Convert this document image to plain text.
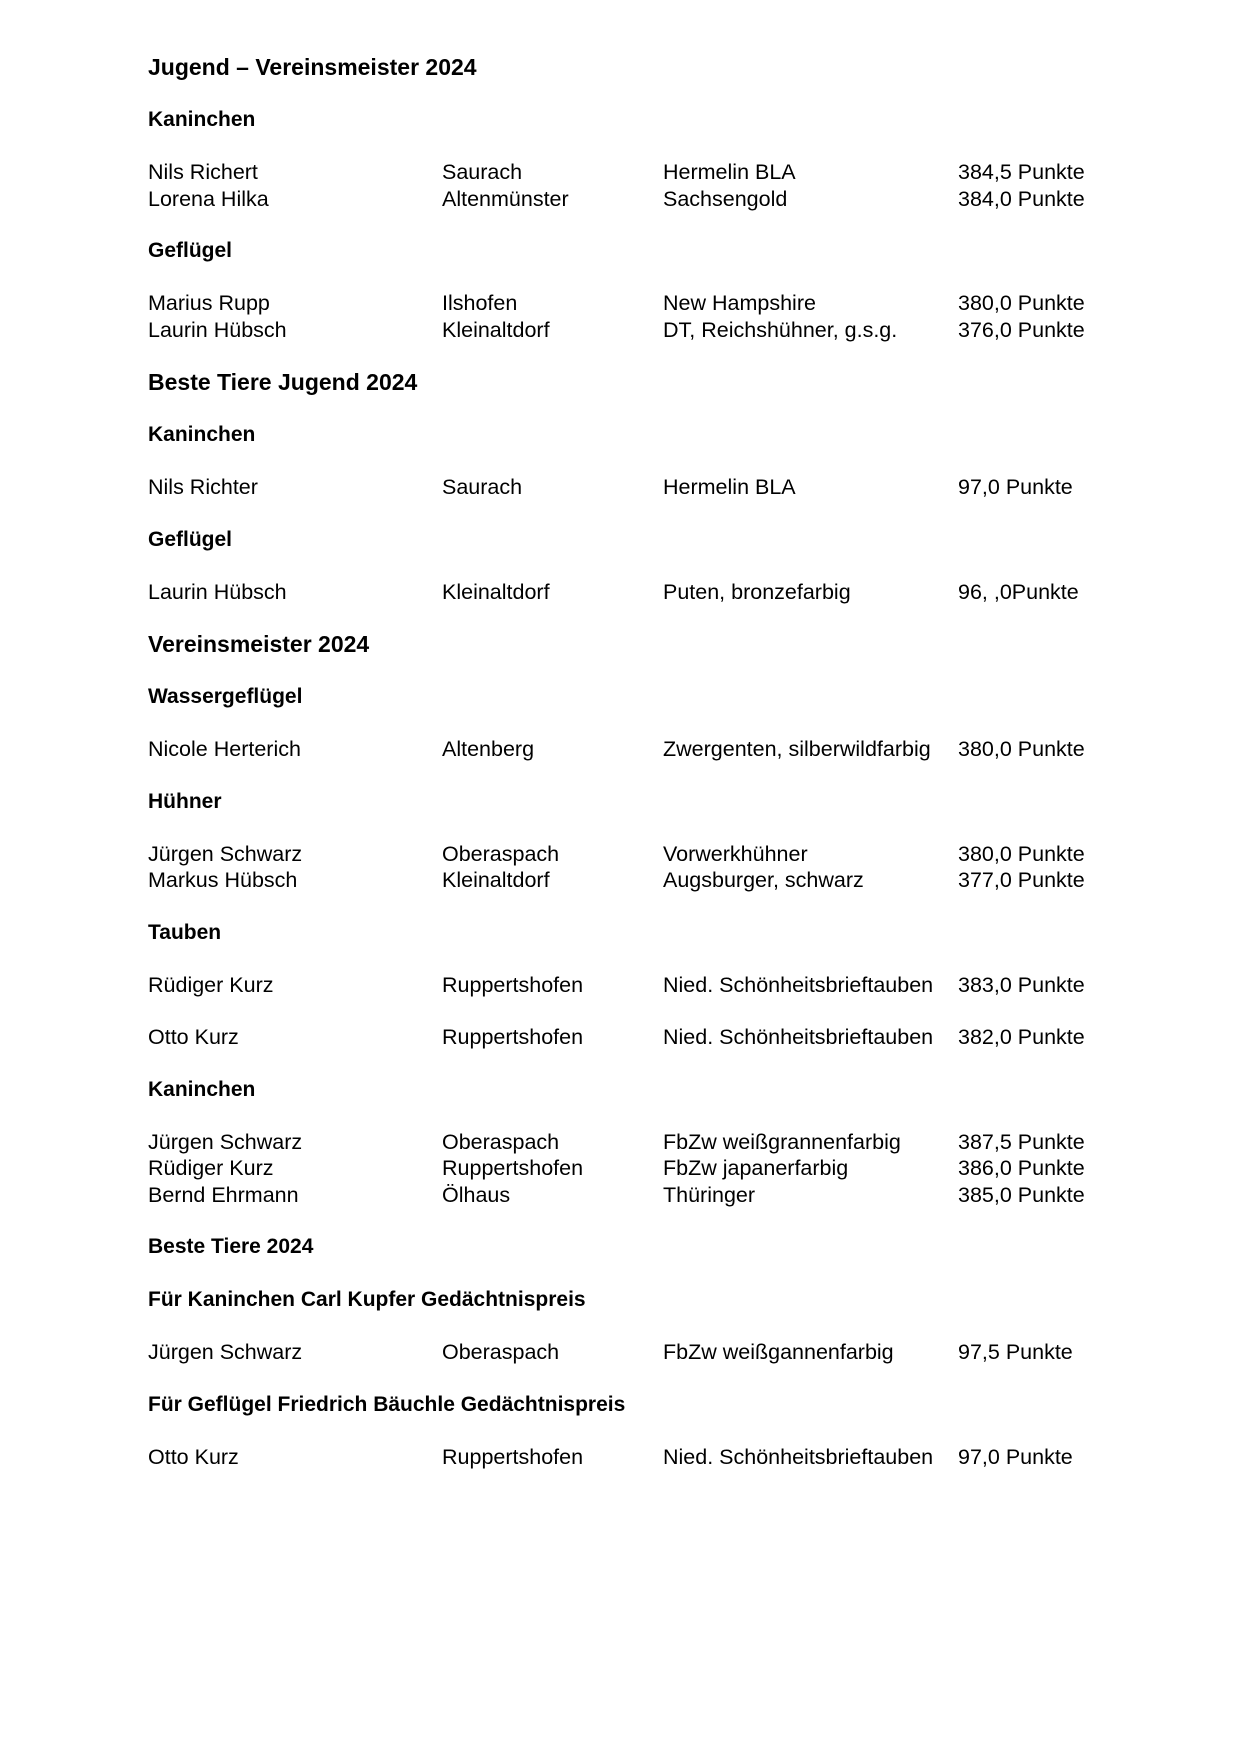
Jugend – Vereinsmeister 2024
Kaninchen
Nils Richert	Saurach	Hermelin BLA	384,5 Punkte
Lorena Hilka	Altenmünster	Sachsengold	384,0 Punkte
Geflügel
Marius Rupp	Ilshofen	New Hampshire	380,0 Punkte
Laurin Hübsch	Kleinaltdorf	DT, Reichshühner, g.s.g.	376,0 Punkte
Beste Tiere Jugend 2024
Kaninchen
Nils Richter	Saurach	Hermelin BLA	97,0 Punkte
Geflügel
Laurin Hübsch	Kleinaltdorf	Puten, bronzefarbig	96, ,0Punkte
Vereinsmeister 2024
Wassergeflügel
Nicole Herterich	Altenberg	Zwergenten, silberwildfarbig 380,0 Punkte
Hühner
Jürgen Schwarz	Oberaspach	Vorwerkhühner	380,0 Punkte
Markus Hübsch	Kleinaltdorf	Augsburger, schwarz	377,0 Punkte
Tauben
Rüdiger Kurz	Ruppertshofen	Nied. Schönheitsbrieftauben 383,0 Punkte
Otto Kurz	Ruppertshofen	Nied. Schönheitsbrieftauben 382,0 Punkte
Kaninchen
Jürgen Schwarz	Oberaspach	FbZw weißgrannenfarbig	387,5 Punkte
Rüdiger Kurz	Ruppertshofen	FbZw japanerfarbig	386,0 Punkte
Bernd Ehrmann	Ölhaus	Thüringer	385,0 Punkte
Beste Tiere 2024
Für Kaninchen Carl Kupfer Gedächtnispreis
Jürgen Schwarz	Oberaspach	FbZw weißgannenfarbig	97,5 Punkte
Für Geflügel Friedrich Bäuchle Gedächtnispreis
Otto Kurz	Ruppertshofen	Nied. Schönheitsbrieftauben 97,0 Punkte
